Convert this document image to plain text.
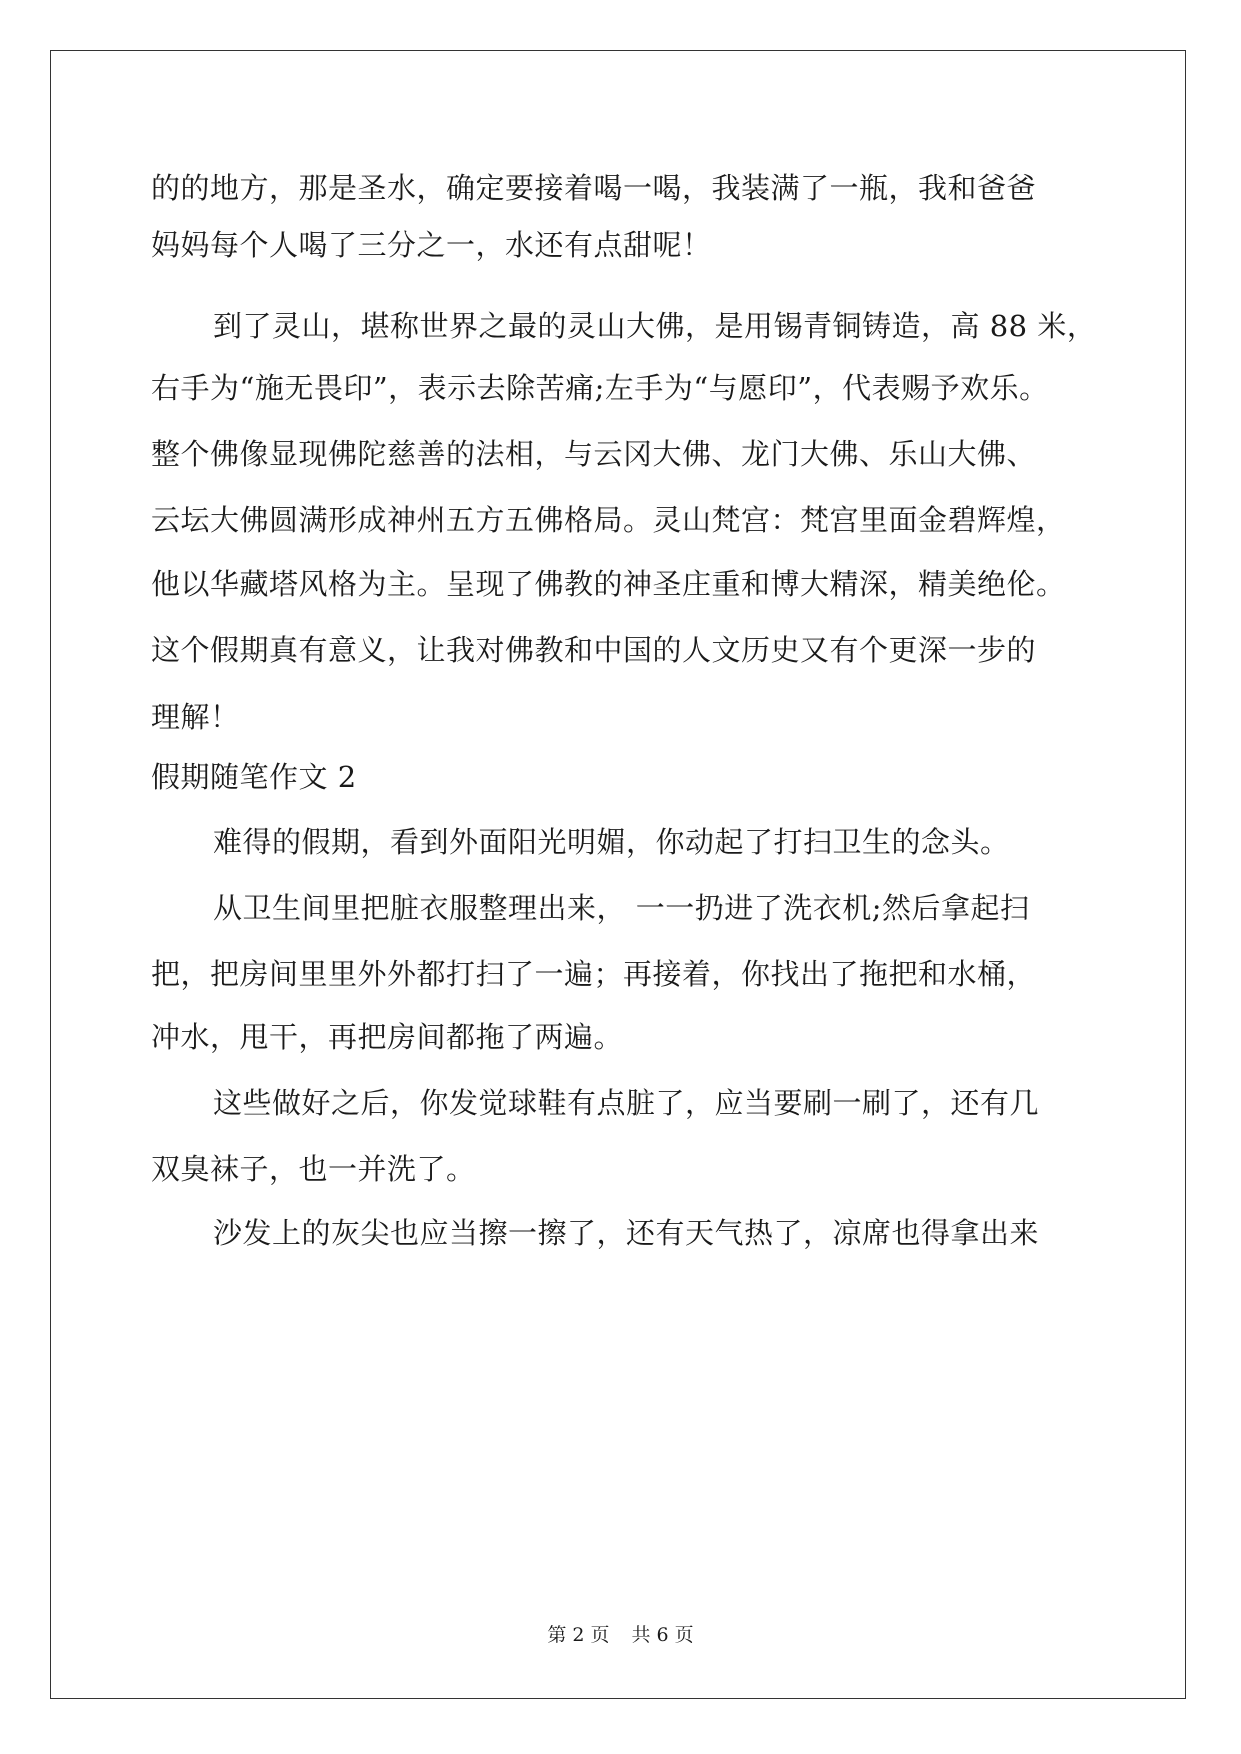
的的地方，那是圣水，确定要接着喝一喝，我装满了一瓶，我和爸爸

妈妈每个人喝了三分之一，水还有点甜呢！

到了灵山，堪称世界之最的灵山大佛，是用锡青铜铸造，高 88 米，

右手为“施无畏印”，表示去除苦痛;左手为“与愿印”，代表赐予欢乐。

整个佛像显现佛陀慈善的法相，与云冈大佛、龙门大佛、乐山大佛、

云坛大佛圆满形成神州五方五佛格局。灵山梵宫：梵宫里面金碧辉煌，

他以华藏塔风格为主。呈现了佛教的神圣庄重和博大精深，精美绝伦。

这个假期真有意义，让我对佛教和中国的人文历史又有个更深一步的

理解！

假期随笔作文 2

难得的假期，看到外面阳光明媚，你动起了打扫卫生的念头。

从卫生间里把脏衣服整理出来， 一一扔进了洗衣机;然后拿起扫

把，把房间里里外外都打扫了一遍；再接着，你找出了拖把和水桶，

冲水，甩干，再把房间都拖了两遍。

这些做好之后，你发觉球鞋有点脏了，应当要刷一刷了，还有几

双臭袜子，也一并洗了。

沙发上的灰尖也应当擦一擦了，还有天气热了，凉席也得拿出来

第 2 页 共 6 页
